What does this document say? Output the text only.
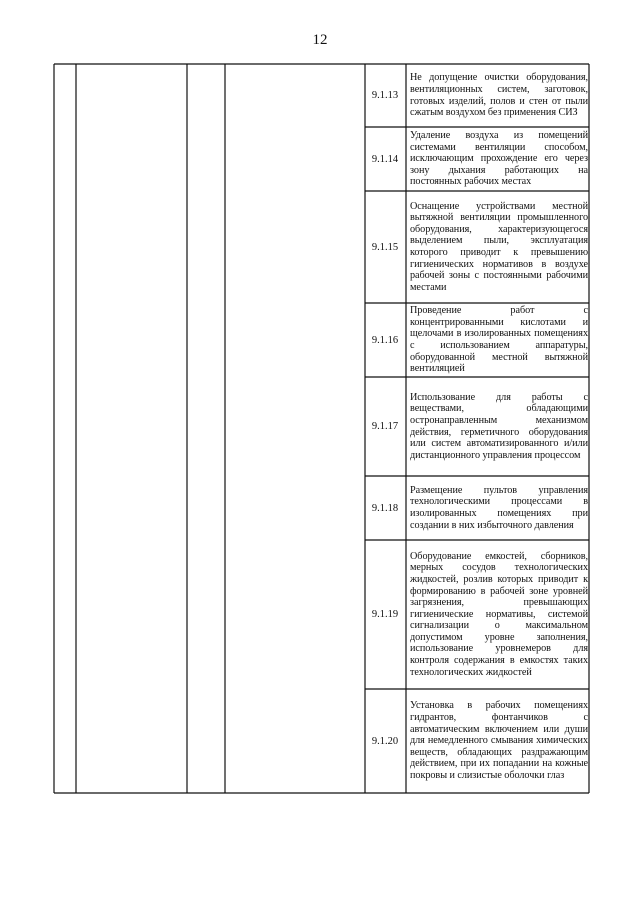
12
9.1.13
Не допущение очистки оборудования, вентиляционных систем, заготовок, готовых изделий, полов и стен от пыли сжатым воздухом без применения СИЗ
9.1.14
Удаление воздуха из помещений системами вентиляции способом, исключающим прохождение его через зону дыхания работающих на постоянных рабочих местах
9.1.15
Оснащение устройствами местной вытяжной вентиляции промышленного оборудования, характеризующегося выделением пыли, эксплуатация которого приводит к превышению гигиенических нормативов в воздухе рабочей зоны с постоянными рабочими местами
9.1.16
Проведение работ с концентрированными кислотами и щелочами в изолированных помещениях с использованием аппаратуры, оборудованной местной вытяжной вентиляцией
9.1.17
Использование для работы с веществами, обладающими остронаправленным механизмом действия, герметичного оборудования или систем автоматизированного и/или дистанционного управления процессом
9.1.18
Размещение пультов управления технологическими процессами в изолированных помещениях при создании в них избыточного давления
9.1.19
Оборудование емкостей, сборников, мерных сосудов технологических жидкостей, розлив которых приводит к формированию в рабочей зоне уровней загрязнения, превышающих гигиенические нормативы, системой сигнализации о максимальном допустимом уровне заполнения, использование уровнемеров для контроля содержания в емкостях таких технологических жидкостей
9.1.20
Установка в рабочих помещениях гидрантов, фонтанчиков с автоматическим включением или души для немедленного смывания химических веществ, обладающих раздражающим действием, при их попадании на кожные покровы и слизистые оболочки глаз
